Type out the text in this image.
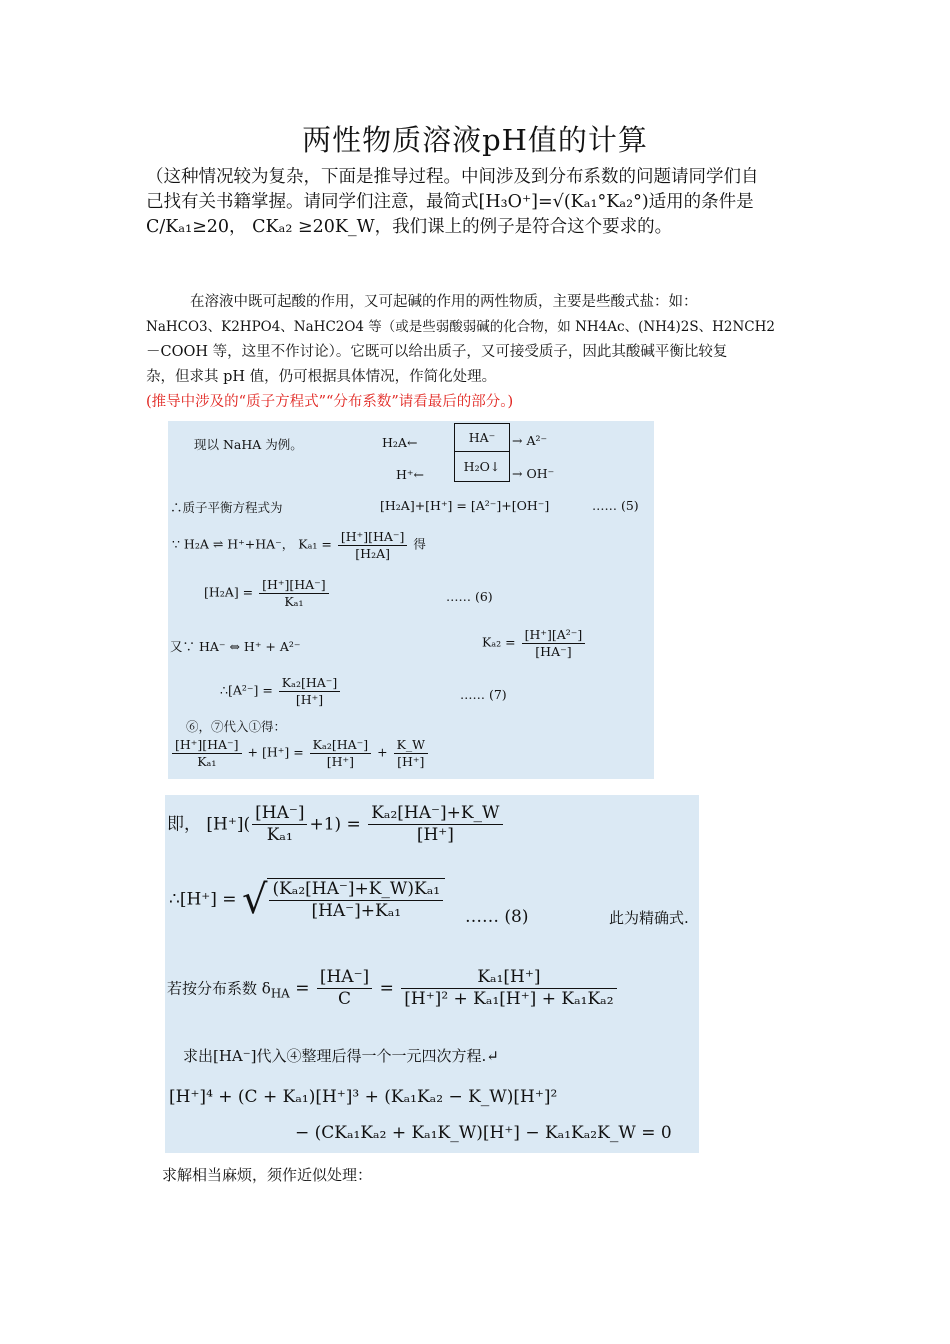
两性物质溶液pH值的计算
（这种情况较为复杂，下面是推导过程。中间涉及到分布系数的问题请同学们自
己找有关书籍掌握。请同学们注意，最简式[H₃O⁺]=√(Kₐ₁°Kₐ₂°)适用的条件是
C/Kₐ₁≥20， CKₐ₂ ≥20K_W，我们课上的例子是符合这个要求的。
在溶液中既可起酸的作用，又可起碱的作用的两性物质，主要是些酸式盐：如：
NaHCO3、K2HPO4、NaHC2O4 等（或是些弱酸弱碱的化合物，如 NH4Ac、(NH4)2S、H2NCH2
－COOH 等，这里不作讨论）。它既可以给出质子，又可接受质子，因此其酸碱平衡比较复
杂，但求其 pH 值，仍可根据具体情况，作简化处理。
(推导中涉及的“质子方程式”“分布系数”请看最后的部分。)
现以 NaHA 为例。	H₂A←
H⁺←
HA⁻
H₂O↓
→ A²⁻
→ OH⁻
∴质子平衡方程式为	[H₂A]+[H⁺] = [A²⁻]+[OH⁻]	…… (5)
∵ H₂A ⇌ H⁺+HA⁻， $K_{a1} = \frac{[H^+][HA^-]}{\text{[H₂A]}}$ 得
$[H_2A] = \frac{[H^+][HA^-]}{\text{Kₐ₁}}$	…… (6)
又∵ HA⁻ ⇔ H⁺ + A²⁻	$K_{a2} = \frac{\text{[H⁺][A²⁻]}}{[HA^-]}$
∴[A²⁻] = $\frac{\text{Kₐ₂[HA⁻]}}{[H^+]}$	…… (7)
⑥，⑦代入①得：
$\frac{[H^+][HA^-]}{\text{Kₐ₁}} + [H^+] = \frac{\text{Kₐ₂[HA⁻]}}{[H^+]} + \frac{K\_W}{[H^+]}$
即， $[H^+]( \frac{[HA^-]}{\text{Kₐ₁}} +1) = \frac{\text{Kₐ₂[HA⁻]+K\_W}}{[H^+]}$
∴[H⁺] = √ $\frac{\text{(Kₐ₂[HA⁻]+K\_W)Kₐ₁}}{\text{[HA⁻]+Kₐ₁}}$ …… (8)	此为精确式.
若按分布系数 $\delta_{HA} = \frac{[HA^-]}{C} = \frac{\text{Kₐ₁[H⁺]}}{\text{[H⁺]² + Kₐ₁[H⁺] + Kₐ₁Kₐ₂}}$
求出[HA⁻]代入④整理后得一个一元四次方程.↵
[H⁺]⁴ + (C + Kₐ₁)[H⁺]³ + (Kₐ₁Kₐ₂ − K_W)[H⁺]²
− (CKₐ₁Kₐ₂ + Kₐ₁K_W)[H⁺] − Kₐ₁Kₐ₂K_W = 0
求解相当麻烦，须作近似处理：
